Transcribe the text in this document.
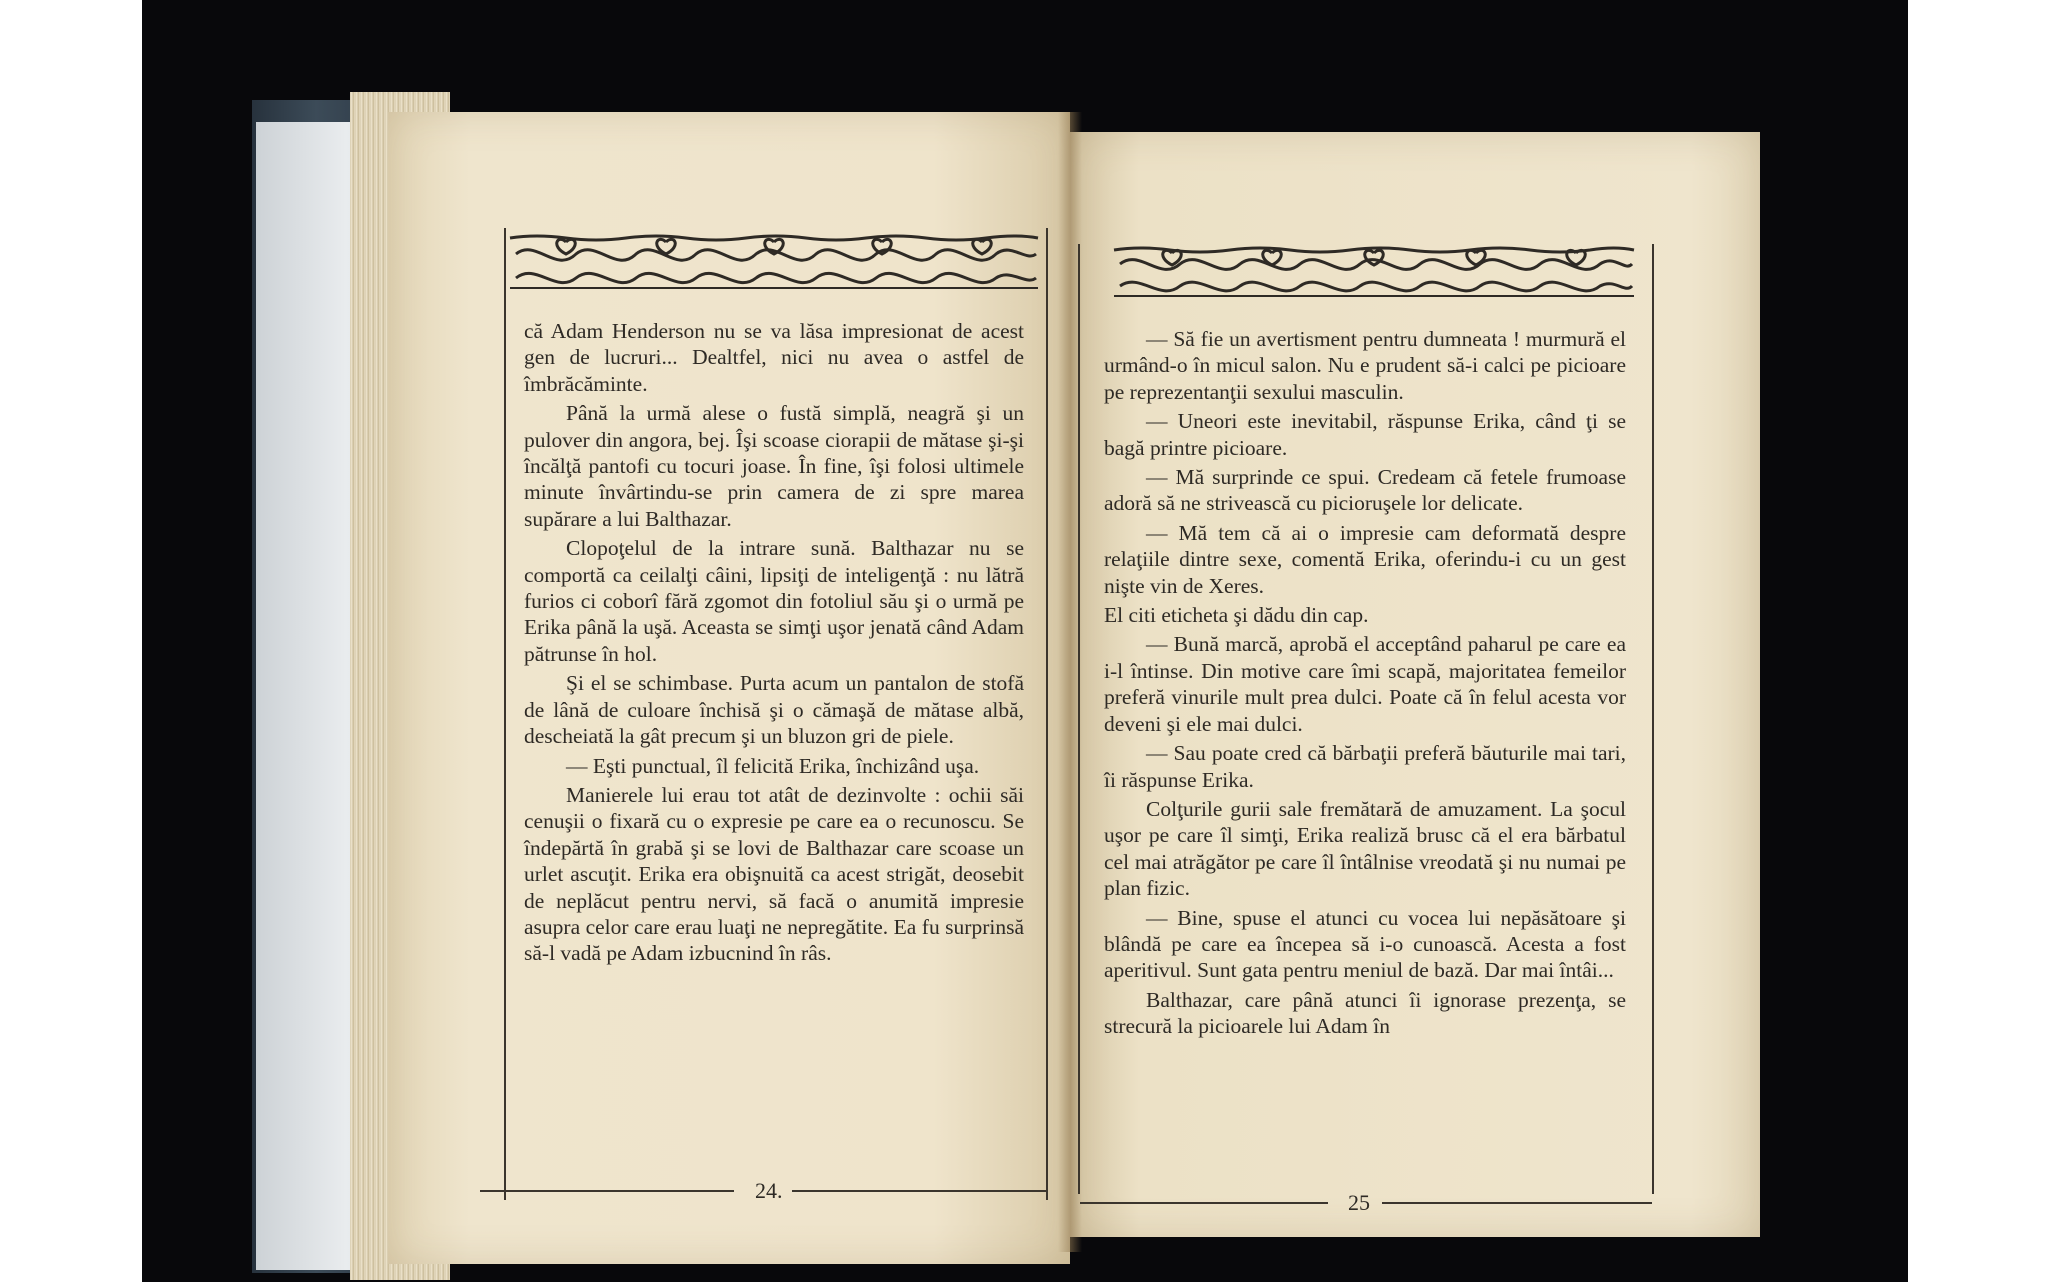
că Adam Henderson nu se va lăsa impresionat de acest gen de lucruri... Dealtfel, nici nu avea o astfel de îmbrăcăminte.

Până la urmă alese o fustă simplă, neagră şi un pulover din angora, bej. Îşi scoase ciorapii de mătase şi-şi încălţă pantofi cu tocuri joase. În fine, îşi folosi ultimele minute învârtindu-se prin camera de zi spre marea supărare a lui Balthazar.

Clopoţelul de la intrare sună. Balthazar nu se comportă ca ceilalţi câini, lipsiţi de inteligenţă : nu lătră furios ci coborî fără zgomot din fotoliul său şi o urmă pe Erika până la uşă. Aceasta se simţi uşor jenată când Adam pătrunse în hol.

Şi el se schimbase. Purta acum un pantalon de stofă de lână de culoare închisă şi o cămaşă de mătase albă, descheiată la gât precum şi un bluzon gri de piele.

— Eşti punctual, îl felicită Erika, închizând uşa.

Manierele lui erau tot atât de dezinvolte : ochii săi cenuşii o fixară cu o expresie pe care ea o recunoscu. Se îndepărtă în grabă şi se lovi de Balthazar care scoase un urlet ascuţit. Erika era obişnuită ca acest strigăt, deosebit de neplăcut pentru nervi, să facă o anumită impresie asupra celor care erau luaţi ne nepregătite. Ea fu surprinsă să-l vadă pe Adam izbucnind în râs.

24.

— Să fie un avertisment pentru dumneata ! murmură el urmând-o în micul salon. Nu e prudent să-i calci pe picioare pe reprezentanţii sexului masculin.

— Uneori este inevitabil, răspunse Erika, când ţi se bagă printre picioare.

— Mă surprinde ce spui. Credeam că fetele frumoase adoră să ne strivească cu picioruşele lor delicate.

— Mă tem că ai o impresie cam deformată despre relaţiile dintre sexe, comentă Erika, oferindu-i cu un gest nişte vin de Xeres.

El citi eticheta şi dădu din cap.

— Bună marcă, aprobă el acceptând paharul pe care ea i-l întinse. Din motive care îmi scapă, majoritatea femeilor preferă vinurile mult prea dulci. Poate că în felul acesta vor deveni şi ele mai dulci.

— Sau poate cred că bărbaţii preferă băuturile mai tari, îi răspunse Erika.

Colţurile gurii sale fremătară de amuzament. La şocul uşor pe care îl simţi, Erika realiză brusc că el era bărbatul cel mai atrăgător pe care îl întâlnise vreodată şi nu numai pe plan fizic.

— Bine, spuse el atunci cu vocea lui nepăsătoare şi blândă pe care ea începea să i-o cunoască. Acesta a fost aperitivul. Sunt gata pentru meniul de bază. Dar mai întâi...

Balthazar, care până atunci îi ignorase prezenţa, se strecură la picioarele lui Adam în

25
